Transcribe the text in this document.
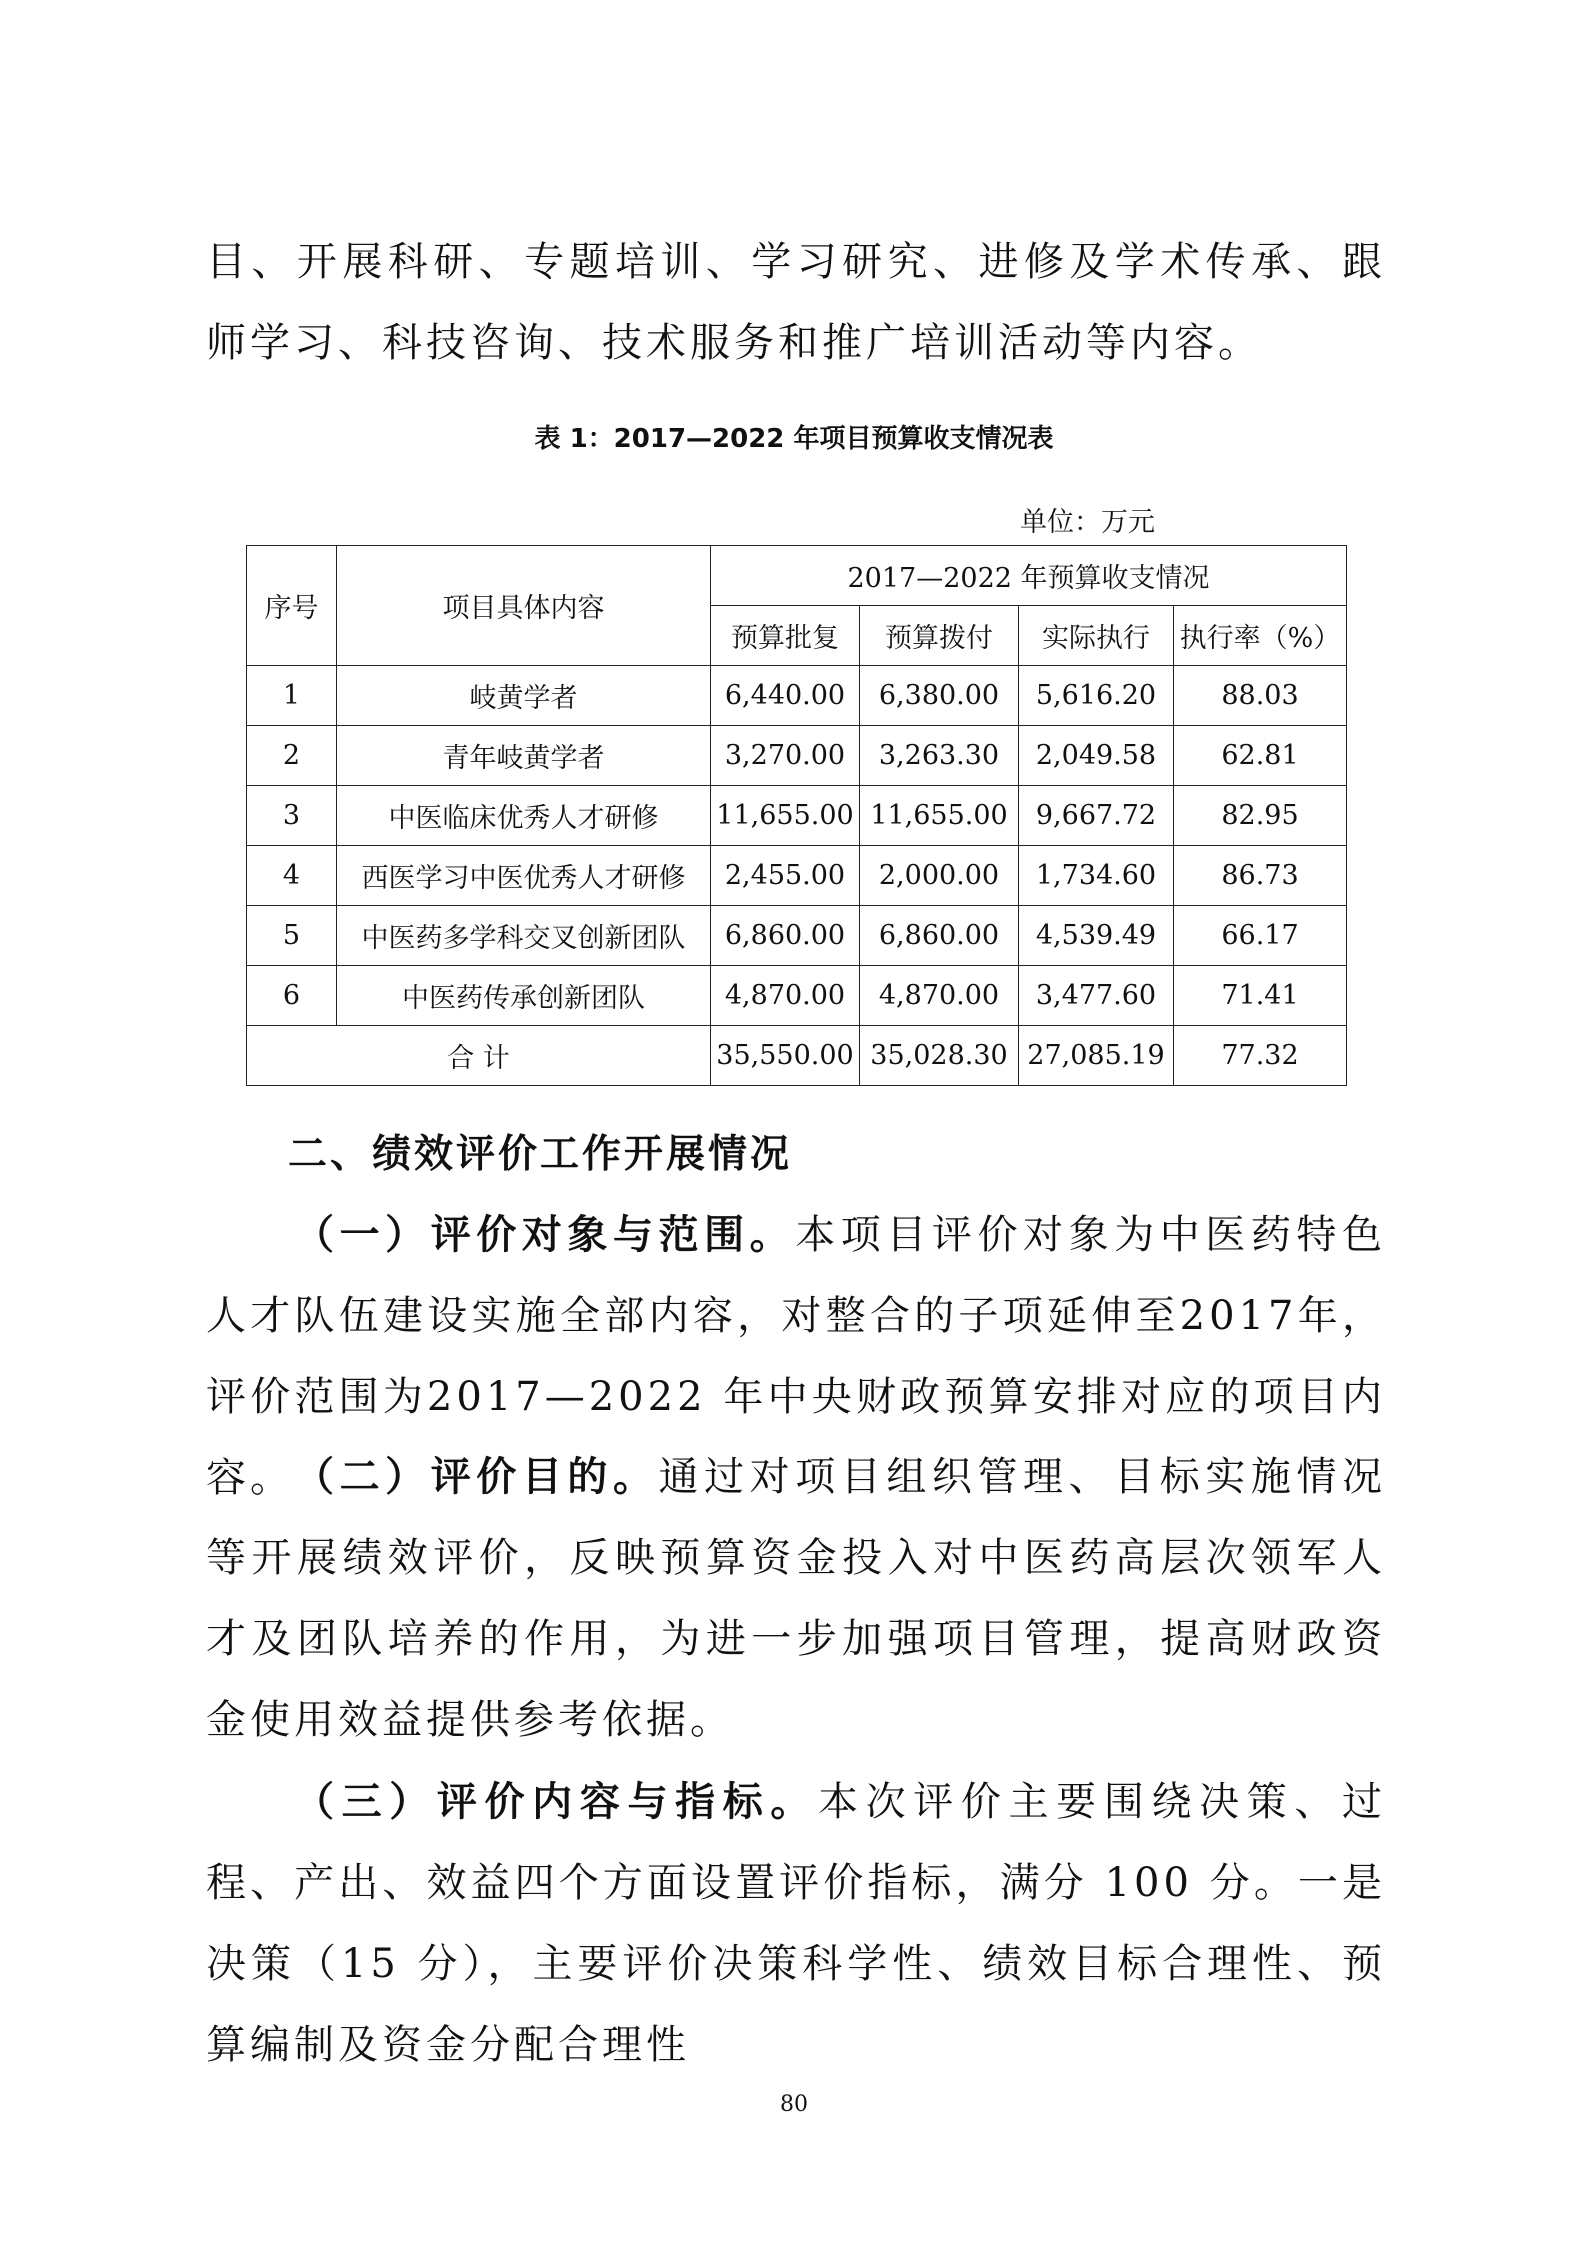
目、开展科研、专题培训、学习研究、进修及学术传承、跟师学习、科技咨询、技术服务和推广培训活动等内容。

表 1：2017—2022 年项目预算收支情况表
单位：万元
序号	项目具体内容	2017—2022 年预算收支情况			
		预算批复	预算拨付	实际执行	执行率（%）
1	岐黄学者	6,440.00	6,380.00	5,616.20	88.03
2	青年岐黄学者	3,270.00	3,263.30	2,049.58	62.81
3	中医临床优秀人才研修	11,655.00	11,655.00	9,667.72	82.95
4	西医学习中医优秀人才研修	2,455.00	2,000.00	1,734.60	86.73
5	中医药多学科交叉创新团队	6,860.00	6,860.00	4,539.49	66.17
6	中医药传承创新团队	4,870.00	4,870.00	3,477.60	71.41
合 计		35,550.00	35,028.30	27,085.19	77.32
二、绩效评价工作开展情况

（一）评价对象与范围。本项目评价对象为中医药特色人才队伍建设实施全部内容，对整合的子项延伸至2017年，评价范围为2017—2022 年中央财政预算安排对应的项目内容。 （二）评价目的。通过对项目组织管理、目标实施情况等开展绩效评价，反映预算资金投入对中医药高层次领军人才及团队培养的作用，为进一步加强项目管理，提高财政资金使用效益提供参考依据。

（三）评价内容与指标。本次评价主要围绕决策、过程、产出、效益四个方面设置评价指标，满分 100 分。一是决策（15 分），主要评价决策科学性、绩效目标合理性、预算编制及资金分配合理性

80
